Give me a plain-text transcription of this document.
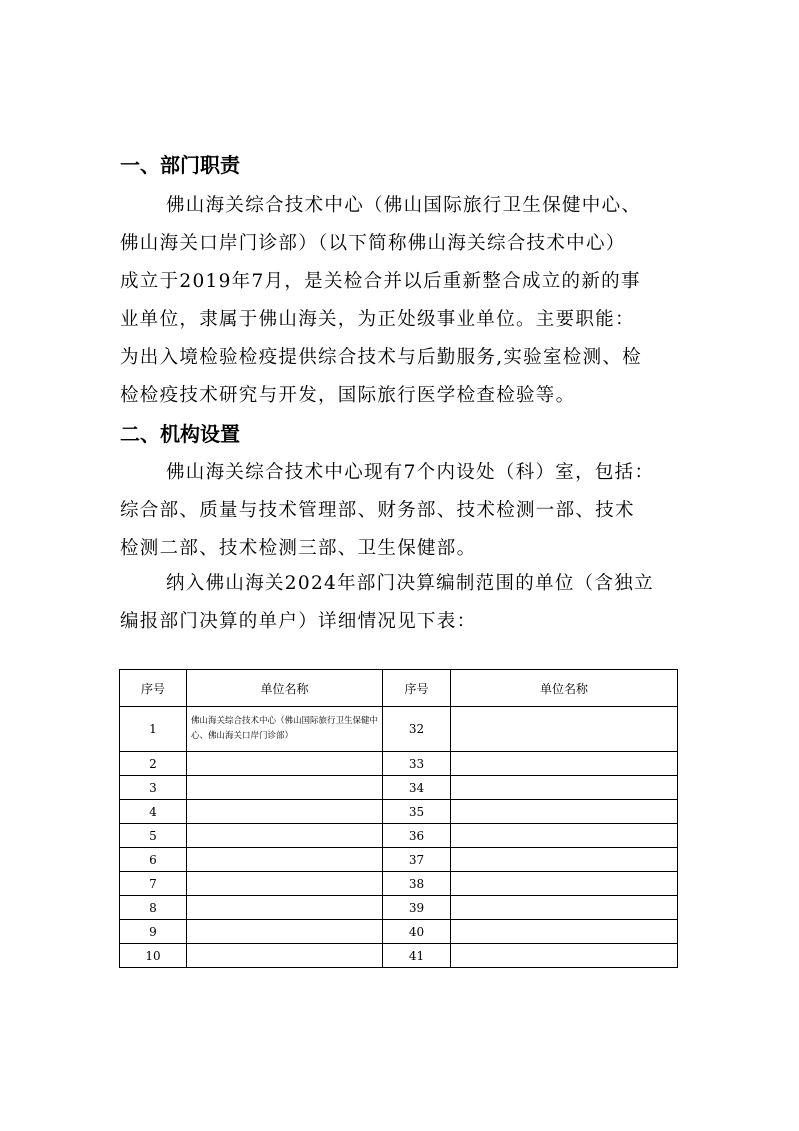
一、部门职责
佛山海关综合技术中心（佛山国际旅行卫生保健中心、
佛山海关口岸门诊部）（以下简称佛山海关综合技术中心）
成立于2019年7月，是关检合并以后重新整合成立的新的事
业单位，隶属于佛山海关，为正处级事业单位。主要职能：
为出入境检验检疫提供综合技术与后勤服务,实验室检测、检
检检疫技术研究与开发，国际旅行医学检查检验等。
二、机构设置
佛山海关综合技术中心现有7个内设处（科）室，包括：
综合部、质量与技术管理部、财务部、技术检测一部、技术
检测二部、技术检测三部、卫生保健部。
纳入佛山海关2024年部门决算编制范围的单位（含独立
编报部门决算的单户）详细情况见下表：
序号	单位名称	序号	单位名称
1	佛山海关综合技术中心（佛山国际旅行卫生保健中心、佛山海关口岸门诊部）	32	
2		33	
3		34	
4		35	
5		36	
6		37	
7		38	
8		39	
9		40	
10		41	
